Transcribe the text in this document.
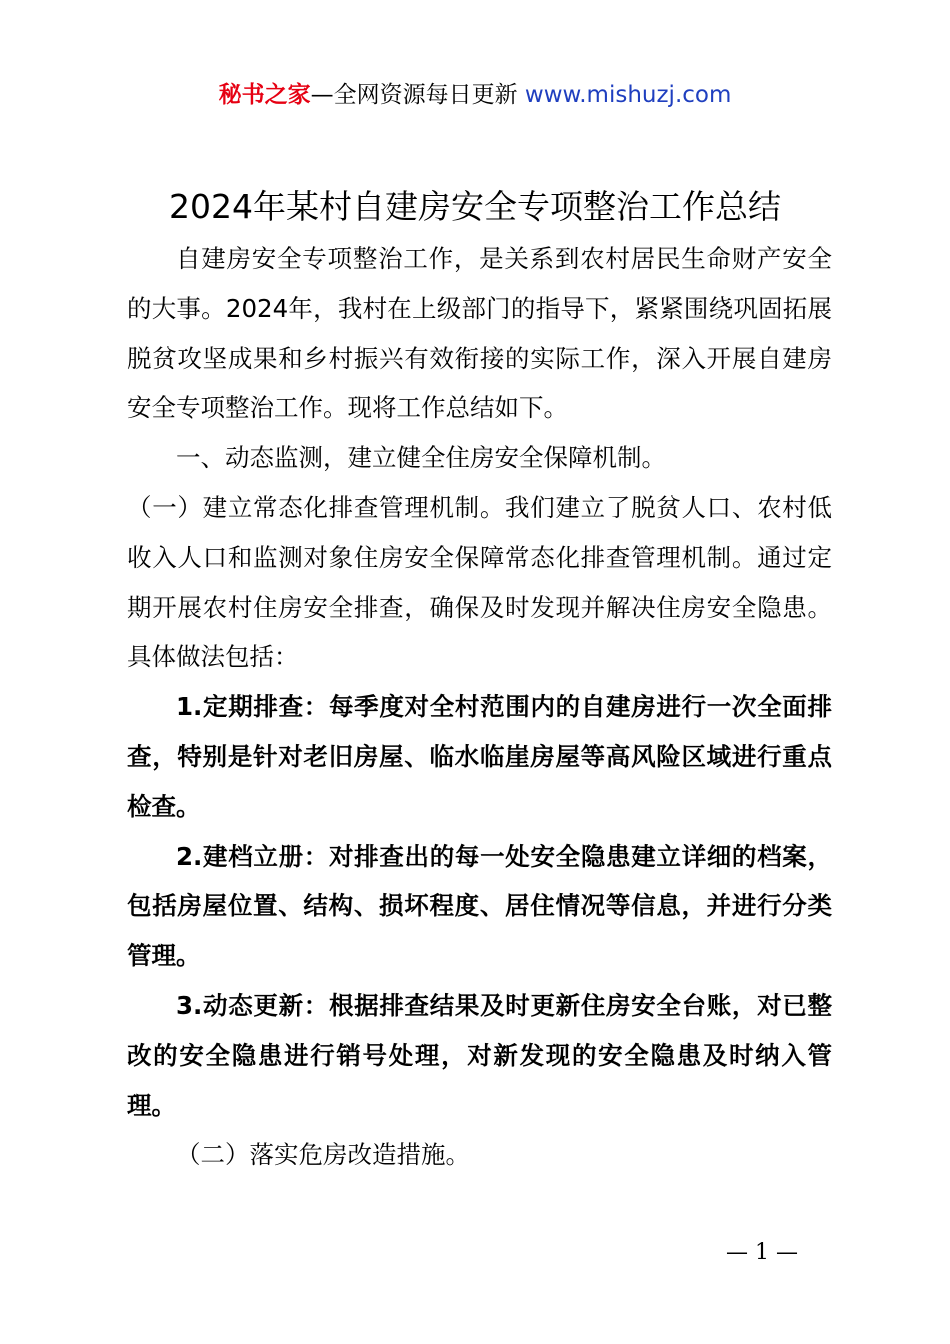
秘书之家—全网资源每日更新 www.mishuzj.com
2024年某村自建房安全专项整治工作总结

自建房安全专项整治工作，是关系到农村居民生命财产安全的大事。2024年，我村在上级部门的指导下，紧紧围绕巩固拓展脱贫攻坚成果和乡村振兴有效衔接的实际工作，深入开展自建房安全专项整治工作。现将工作总结如下。

一、动态监测，建立健全住房安全保障机制。

（一）建立常态化排查管理机制。我们建立了脱贫人口、农村低收入人口和监测对象住房安全保障常态化排查管理机制。通过定期开展农村住房安全排查，确保及时发现并解决住房安全隐患。具体做法包括：

1.定期排查：每季度对全村范围内的自建房进行一次全面排查，特别是针对老旧房屋、临水临崖房屋等高风险区域进行重点检查。

2.建档立册：对排查出的每一处安全隐患建立详细的档案，包括房屋位置、结构、损坏程度、居住情况等信息，并进行分类管理。

3.动态更新：根据排查结果及时更新住房安全台账，对已整改的安全隐患进行销号处理，对新发现的安全隐患及时纳入管理。

（二）落实危房改造措施。

— 1 —
